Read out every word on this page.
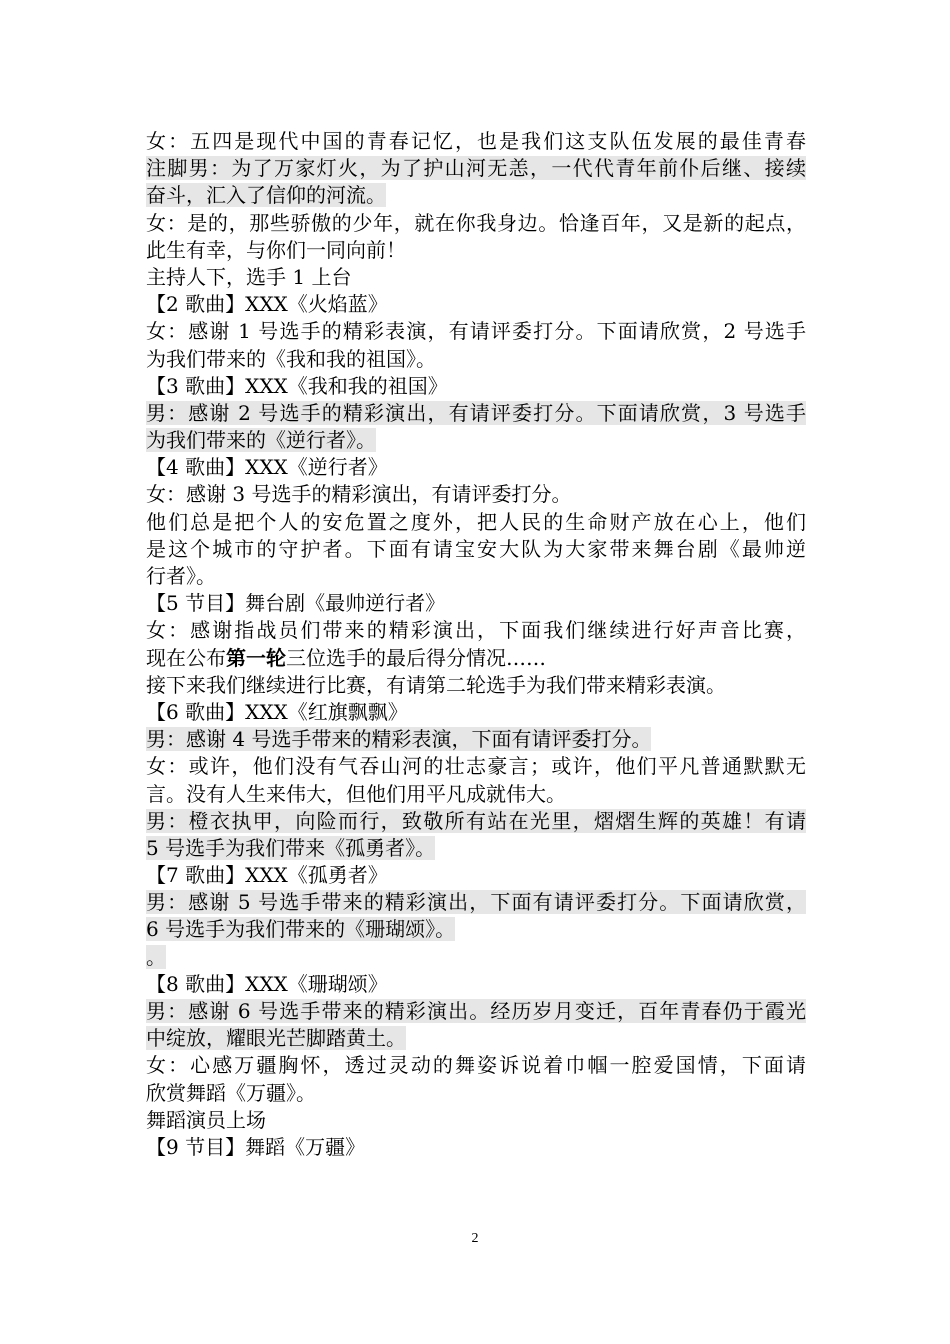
女：五四是现代中国的青春记忆，也是我们这支队伍发展的最佳青春
注脚男：为了万家灯火，为了护山河无恙，一代代青年前仆后继、接续
奋斗，汇入了信仰的河流。
女：是的，那些骄傲的少年，就在你我身边。恰逢百年，又是新的起点，
此生有幸，与你们一同向前！
主持人下，选手 1 上台
【2 歌曲】XXX《火焰蓝》
女：感谢 1 号选手的精彩表演，有请评委打分。下面请欣赏，2 号选手
为我们带来的《我和我的祖国》。
【3 歌曲】XXX《我和我的祖国》
男：感谢 2 号选手的精彩演出，有请评委打分。下面请欣赏，3 号选手
为我们带来的《逆行者》。
【4 歌曲】XXX《逆行者》
女：感谢 3 号选手的精彩演出，有请评委打分。
他们总是把个人的安危置之度外，把人民的生命财产放在心上，他们
是这个城市的守护者。下面有请宝安大队为大家带来舞台剧《最帅逆
行者》。
【5 节目】舞台剧《最帅逆行者》
女：感谢指战员们带来的精彩演出，下面我们继续进行好声音比赛，
现在公布第一轮三位选手的最后得分情况……
接下来我们继续进行比赛，有请第二轮选手为我们带来精彩表演。
【6 歌曲】XXX《红旗飘飘》
男：感谢 4 号选手带来的精彩表演，下面有请评委打分。
女：或许，他们没有气吞山河的壮志豪言；或许，他们平凡普通默默无
言。没有人生来伟大，但他们用平凡成就伟大。
男：橙衣执甲，向险而行，致敬所有站在光里，熠熠生辉的英雄！有请
5 号选手为我们带来《孤勇者》。
【7 歌曲】XXX《孤勇者》
男：感谢 5 号选手带来的精彩演出，下面有请评委打分。下面请欣赏，
6 号选手为我们带来的《珊瑚颂》。
。
【8 歌曲】XXX《珊瑚颂》
男：感谢 6 号选手带来的精彩演出。经历岁月变迁，百年青春仍于霞光
中绽放，耀眼光芒脚踏黄土。
女：心感万疆胸怀，透过灵动的舞姿诉说着巾帼一腔爱国情，下面请
欣赏舞蹈《万疆》。
舞蹈演员上场
【9 节目】舞蹈《万疆》
2
